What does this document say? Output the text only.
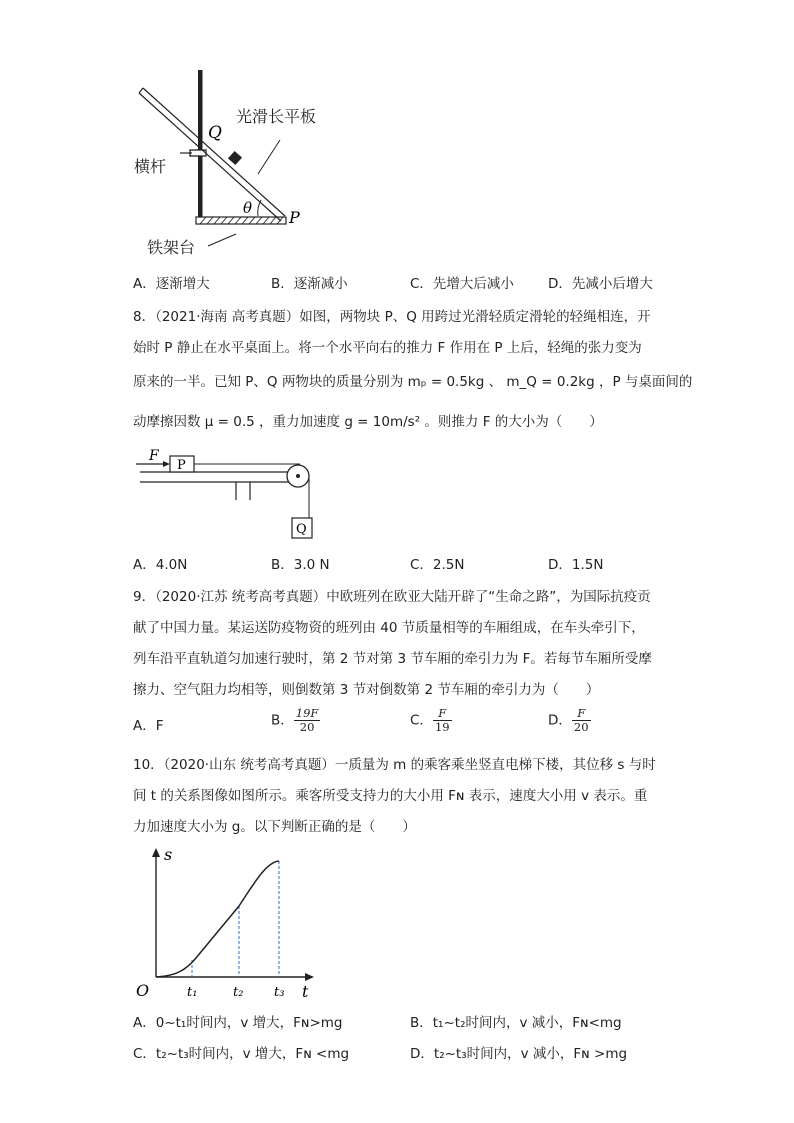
Q
θ P
光滑长平板
横杆
铁架台
A．逐渐增大	B．逐渐减小	C．先增大后减小	D．先减小后增大
8．（2021·海南 高考真题）如图，两物块 P、Q 用跨过光滑轻质定滑轮的轻绳相连，开
始时 P 静止在水平桌面上。将一个水平向右的推力 F 作用在 P 上后，轻绳的张力变为
原来的一半。已知 P、Q 两物块的质量分别为 mₚ = 0.5kg 、 m_Q = 0.2kg ，P 与桌面间的
动摩擦因数 μ = 0.5 ，重力加速度 g = 10m/s² 。则推力 F 的大小为（　　）
P
F
Q
A．4.0N	B．3.0 N	C．2.5N	D．1.5N
9．（2020·江苏 统考高考真题）中欧班列在欧亚大陆开辟了“生命之路”，为国际抗疫贡
献了中国力量。某运送防疫物资的班列由 40 节质量相等的车厢组成，在车头牵引下，
列车沿平直轨道匀加速行驶时，第 2 节对第 3 节车厢的牵引力为 F。若每节车厢所受摩
擦力、空气阻力均相等，则倒数第 3 节对倒数第 2 节车厢的牵引力为（　　）
A．F	B． $\frac{19F}{20}$	C． $\frac{F}{19}$	D． $\frac{F}{20}$
10．（2020·山东 统考高考真题）一质量为 m 的乘客乘坐竖直电梯下楼，其位移 s 与时
间 t 的关系图像如图所示。乘客所受支持力的大小用 Fɴ 表示，速度大小用 v 表示。重
力加速度大小为 g。以下判断正确的是（　　）
s
t
O	t₁	t₂ t₃
A．0~t₁时间内，v 增大，Fɴ>mg	B．t₁~t₂时间内，v 减小，Fɴ<mg
C．t₂~t₃时间内，v 增大，Fɴ <mg	D．t₂~t₃时间内，v 减小，Fɴ >mg
